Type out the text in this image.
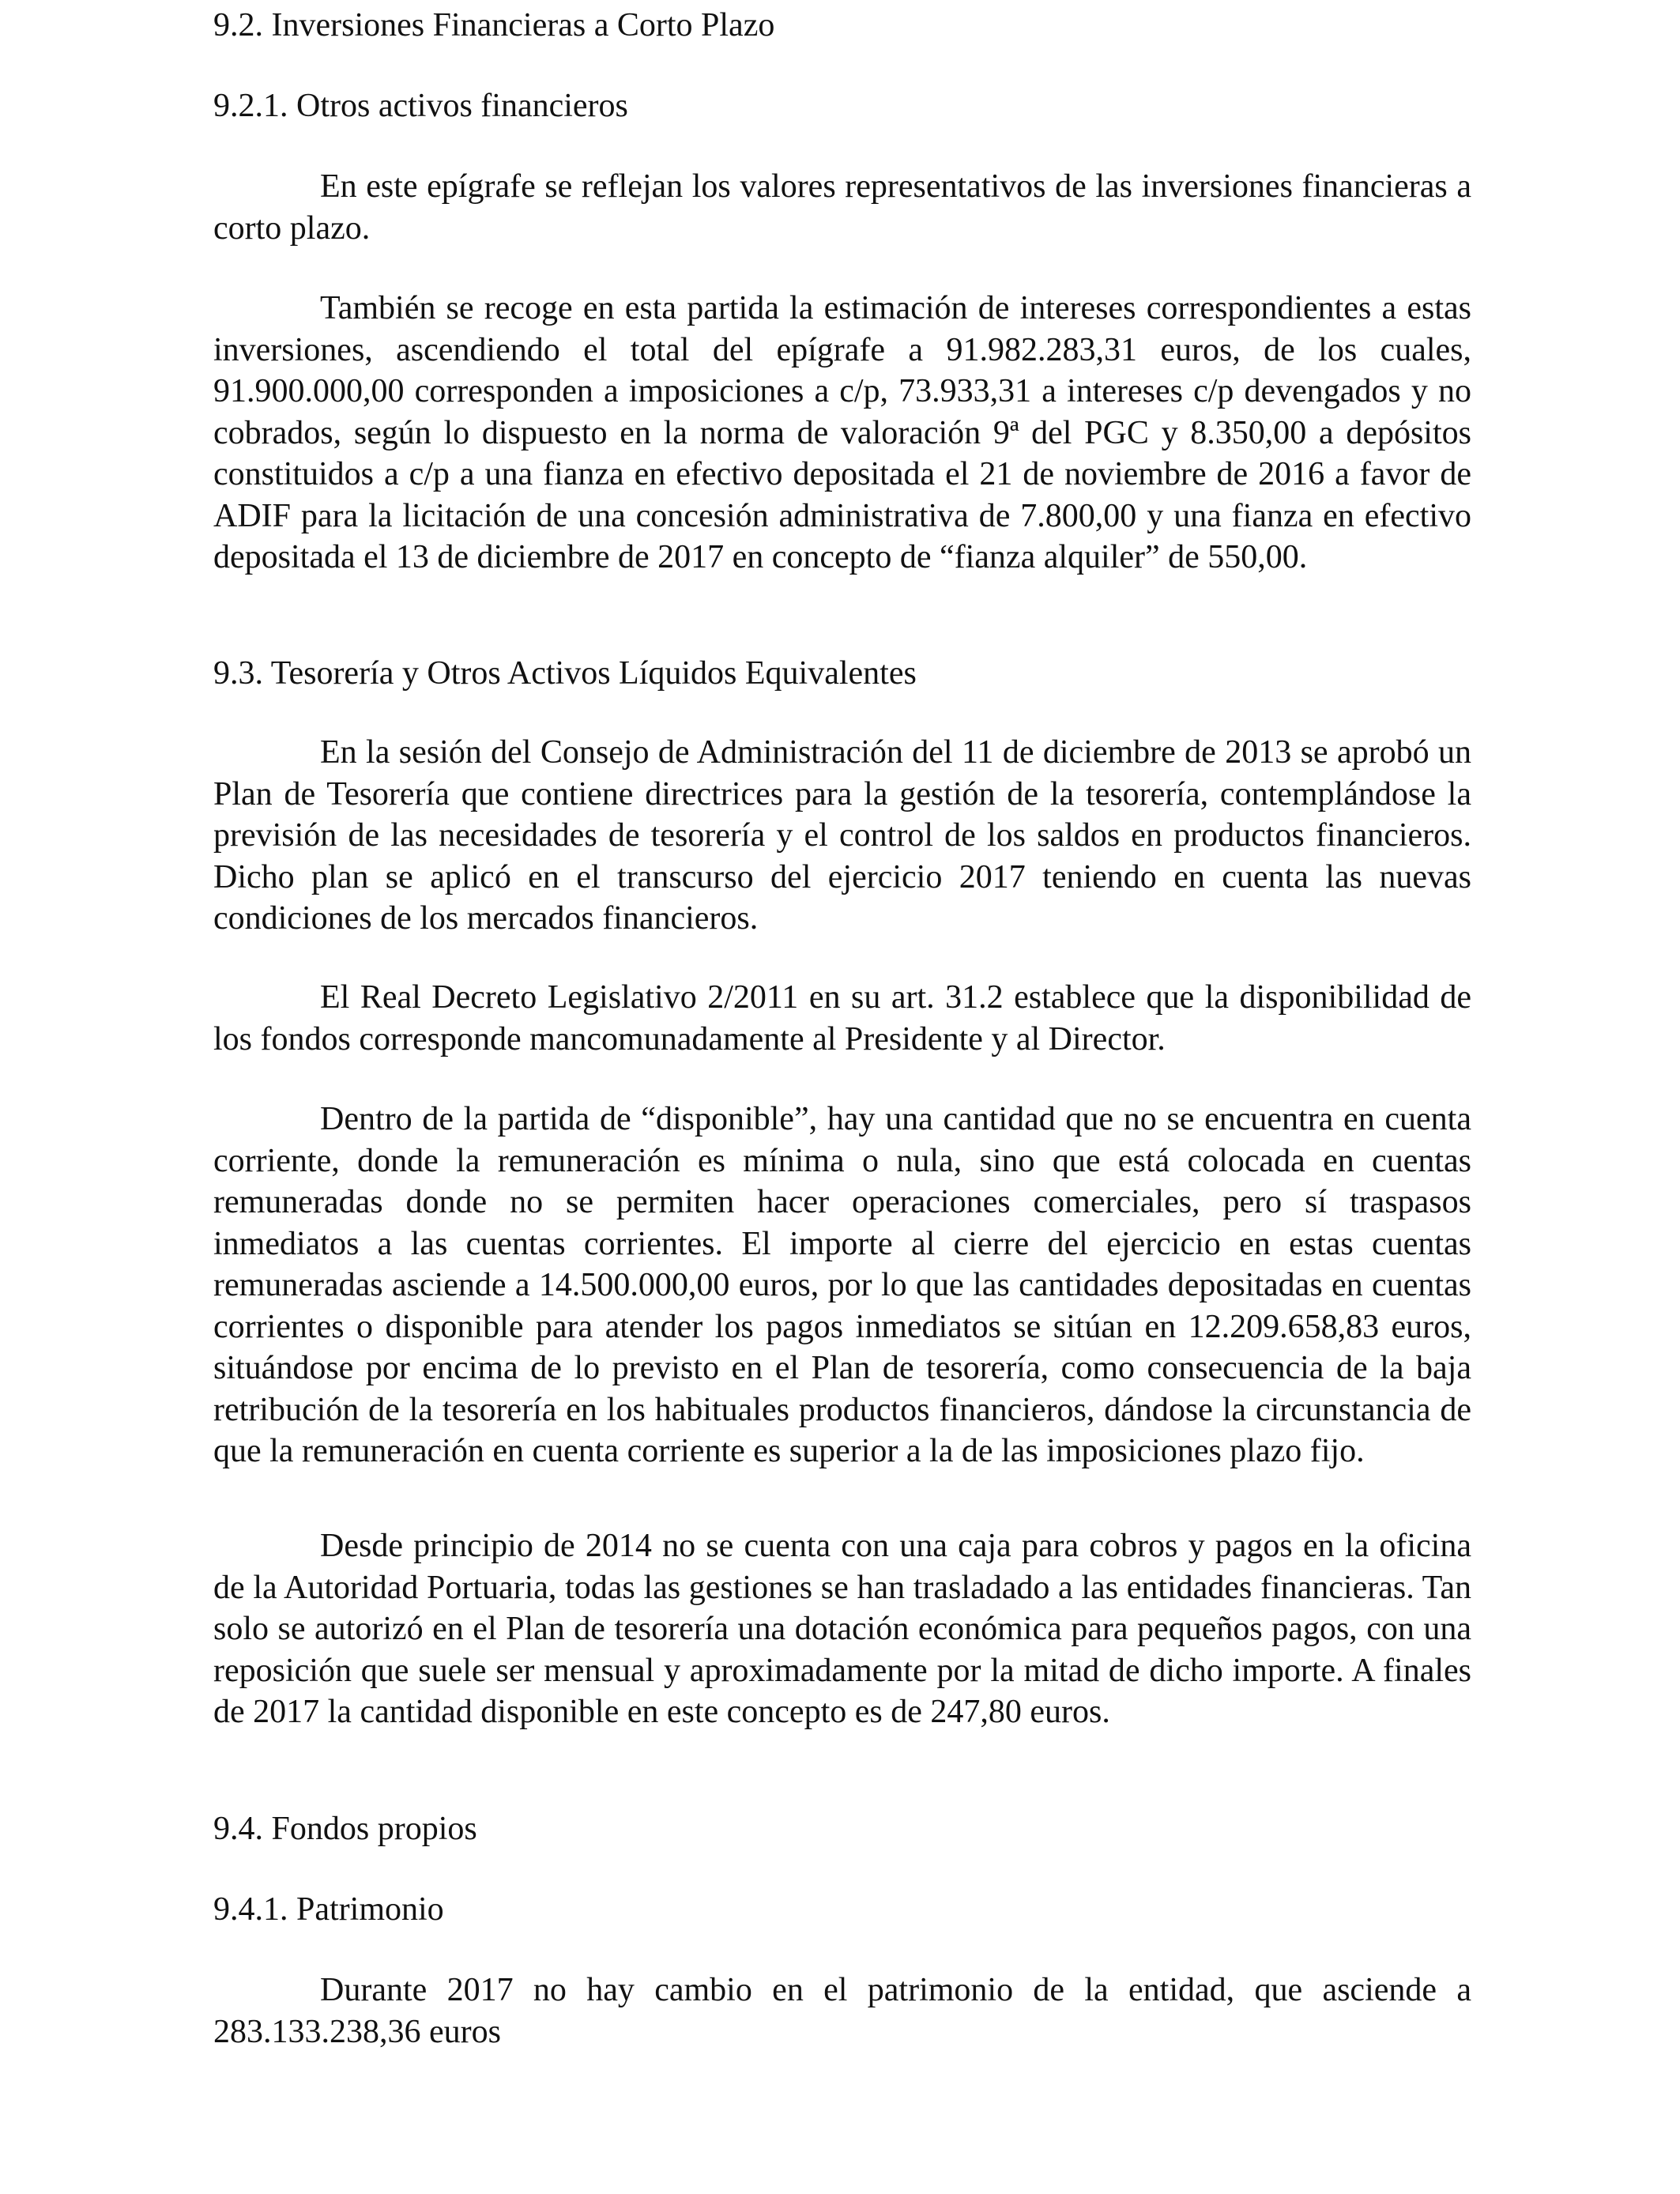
9.2. Inversiones Financieras a Corto Plazo

9.2.1. Otros activos financieros

En este epígrafe se reflejan los valores representativos de las inversiones financieras a corto plazo.

También se recoge en esta partida la estimación de intereses correspondientes a estas inversiones, ascendiendo el total del epígrafe a 91.982.283,31 euros, de los cuales, 91.900.000,00 corresponden a imposiciones a c/p, 73.933,31 a intereses c/p devengados y no cobrados, según lo dispuesto en la norma de valoración 9ª del PGC y 8.350,00 a depósitos constituidos a c/p a una fianza en efectivo depositada el 21 de noviembre de 2016 a favor de ADIF para la licitación de una concesión administrativa de 7.800,00 y una fianza en efectivo depositada el 13 de diciembre de 2017 en concepto de “fianza alquiler” de 550,00.

9.3. Tesorería y Otros Activos Líquidos Equivalentes

En la sesión del Consejo de Administración del 11 de diciembre de 2013 se aprobó un Plan de Tesorería que contiene directrices para la gestión de la tesorería, contemplándose la previsión de las necesidades de tesorería y el control de los saldos en productos financieros. Dicho plan se aplicó en el transcurso del ejercicio 2017 teniendo en cuenta las nuevas condiciones de los mercados financieros.

El Real Decreto Legislativo 2/2011 en su art. 31.2 establece que la disponibilidad de los fondos corresponde mancomunadamente al Presidente y al Director.

Dentro de la partida de “disponible”, hay una cantidad que no se encuentra en cuenta corriente, donde la remuneración es mínima o nula, sino que está colocada en cuentas remuneradas donde no se permiten hacer operaciones comerciales, pero sí traspasos inmediatos a las cuentas corrientes. El importe al cierre del ejercicio en estas cuentas remuneradas asciende a 14.500.000,00 euros, por lo que las cantidades depositadas en cuentas corrientes o disponible para atender los pagos inmediatos se sitúan en 12.209.658,83 euros, situándose por encima de lo previsto en el Plan de tesorería, como consecuencia de la baja retribución de la tesorería en los habituales productos financieros, dándose la circunstancia de que la remuneración en cuenta corriente es superior a la de las imposiciones plazo fijo.

Desde principio de 2014 no se cuenta con una caja para cobros y pagos en la oficina de la Autoridad Portuaria, todas las gestiones se han trasladado a las entidades financieras. Tan solo se autorizó en el Plan de tesorería una dotación económica para pequeños pagos, con una reposición que suele ser mensual y aproximadamente por la mitad de dicho importe. A finales de 2017 la cantidad disponible en este concepto es de 247,80 euros.

9.4. Fondos propios

9.4.1. Patrimonio

Durante 2017 no hay cambio en el patrimonio de la entidad, que asciende a 283.133.238,36 euros
